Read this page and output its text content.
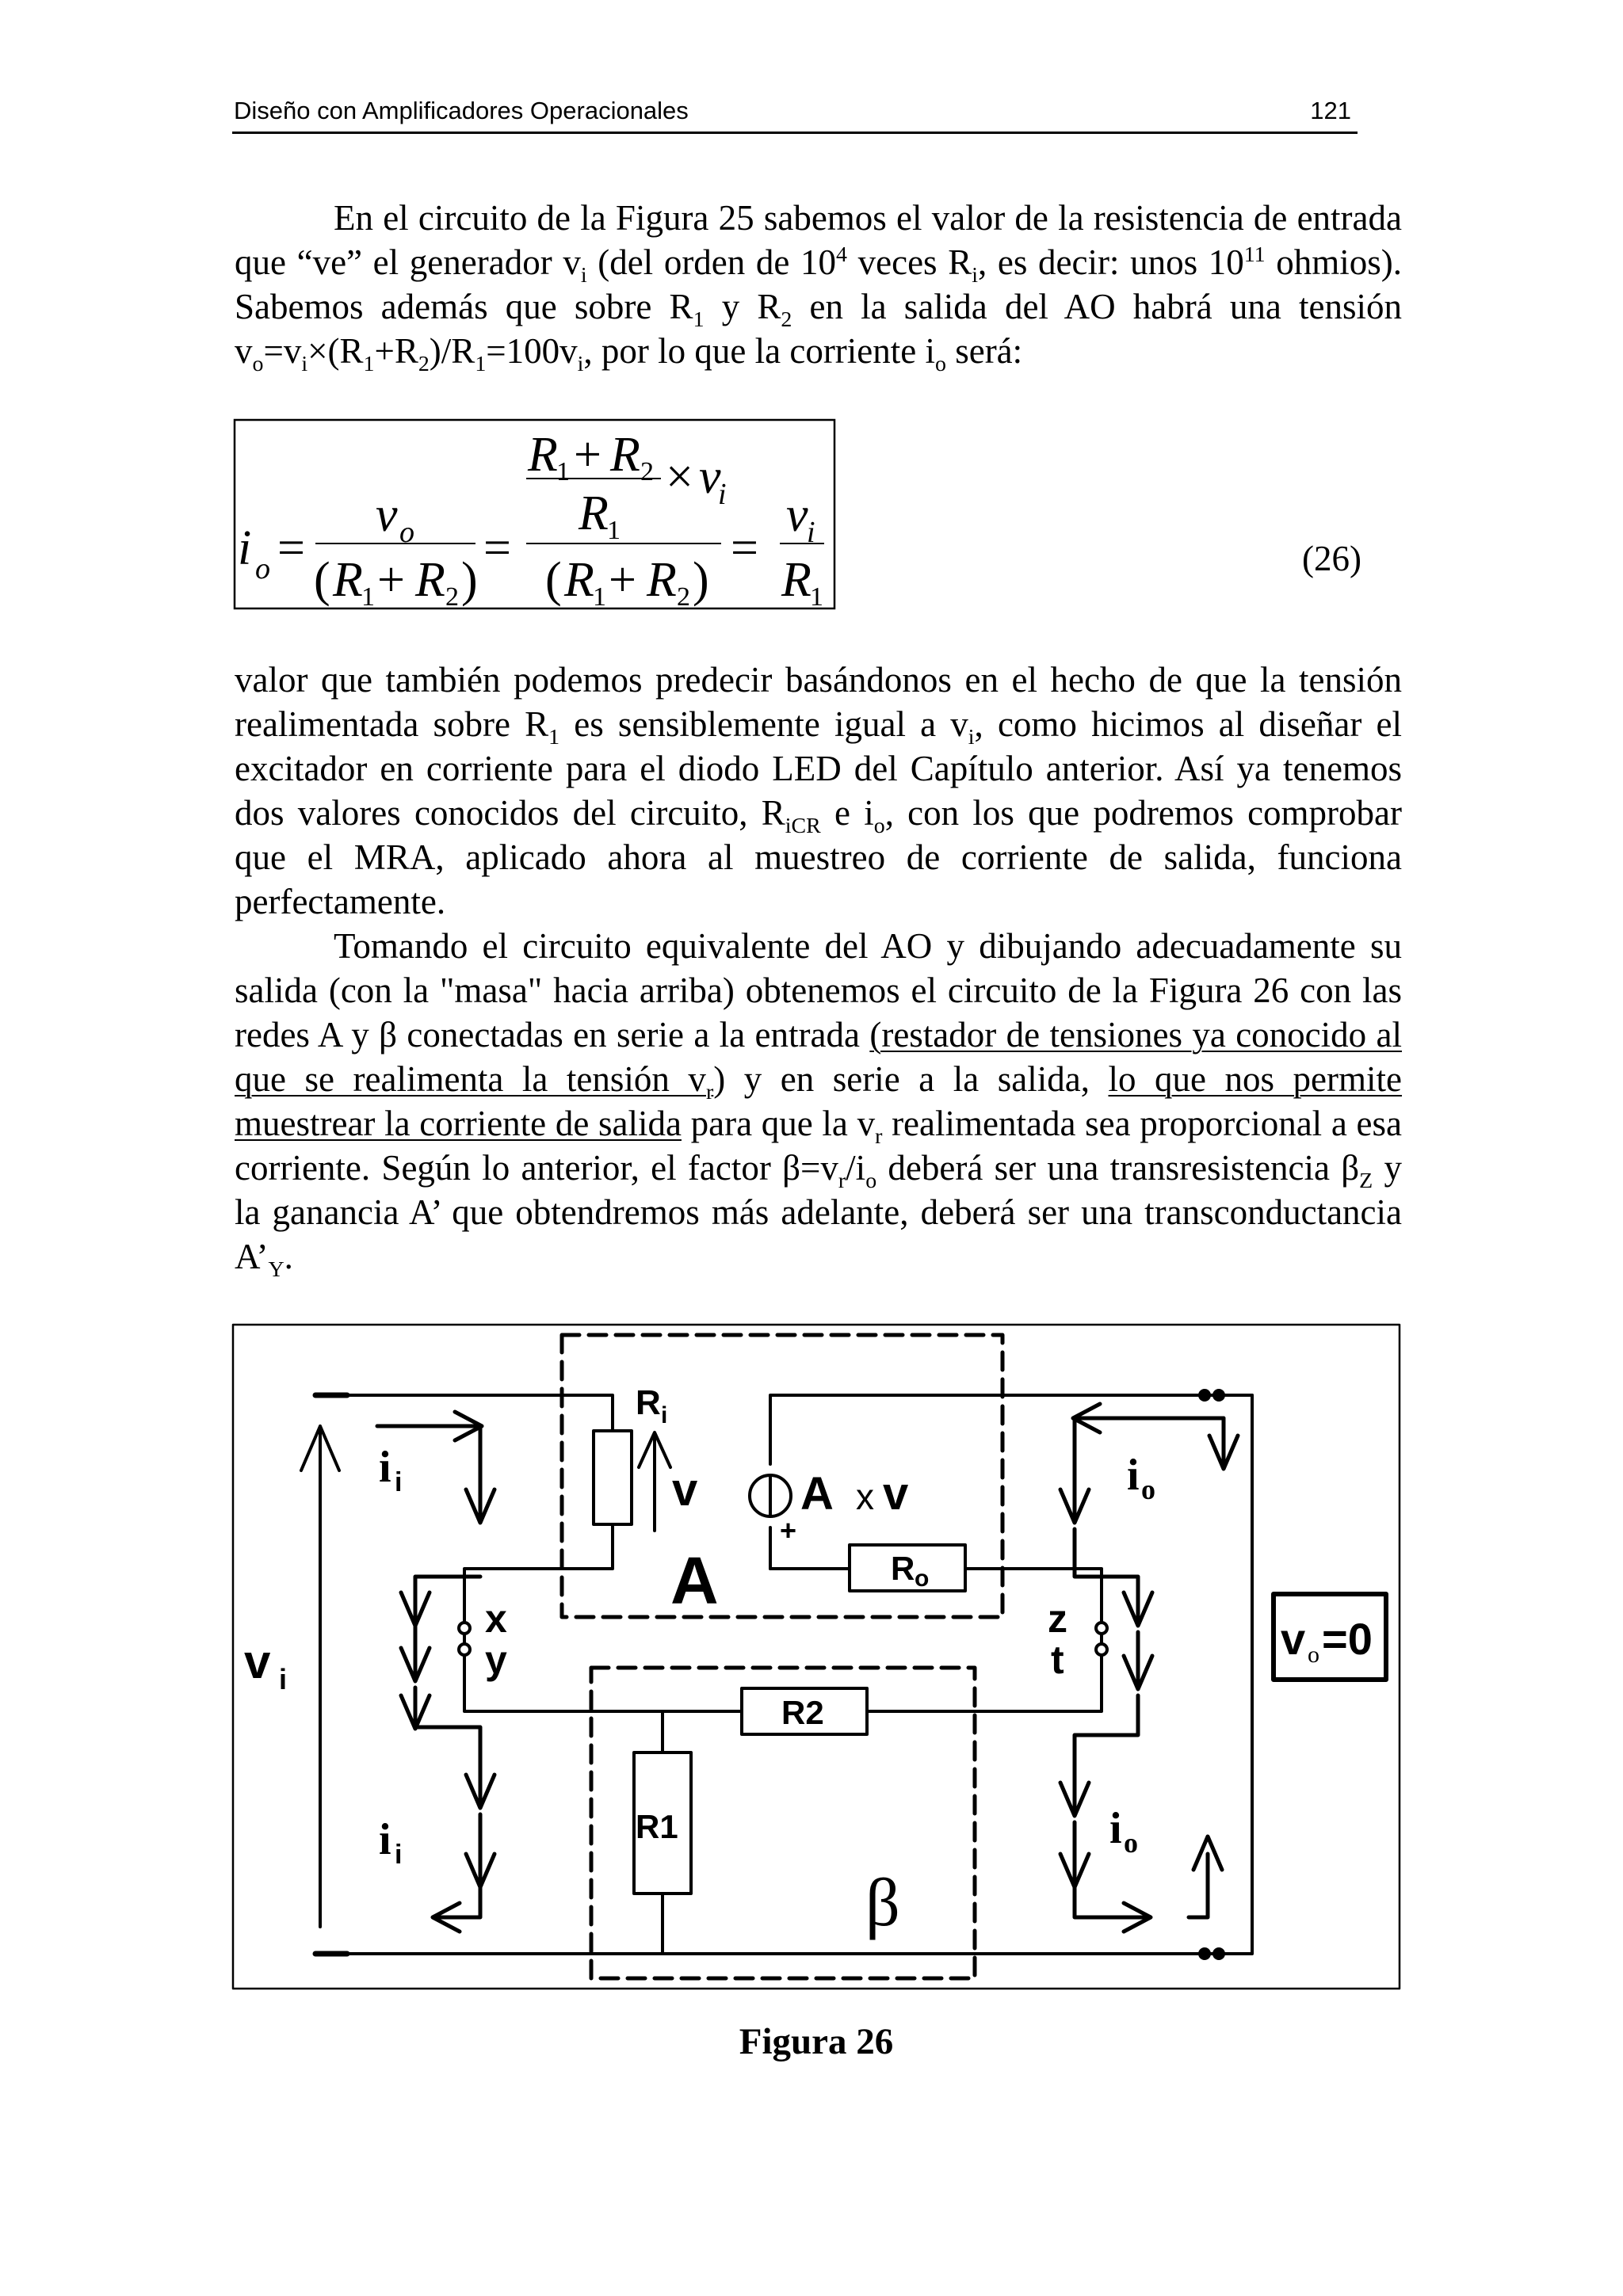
Diseño con Amplificadores Operacionales	121

En el circuito de la Figura 25 sabemos el valor de la resistencia de entrada que “ve” el generador $v_i$ (del orden de $10^4$ veces $R_i$, es decir: unos $10^{11}$ ohmios). Sabemos además que sobre $R_1$ y $R_2$ en la salida del AO habrá una tensión $v_o=v_i\times(R_1+R_2)/R_1=100v_i$, por lo que la corriente $i_o$ será:

i o =
v o
( R
1 + R 2 )
=
R
1 + R 2 × v
i
R
1
( R
1 + R 2 )
=
v
i
R
1
(26)

valor que también podemos predecir basándonos en el hecho de que la tensión realimentada sobre $R_1$ es sensiblemente igual a $v_i$, como hicimos al diseñar el excitador en corriente para el diodo LED del Capítulo anterior. Así ya tenemos dos valores conocidos del circuito, $R_{iCR}$ e $i_o$, con los que podremos comprobar que el MRA, aplicado ahora al muestreo de corriente de salida, funciona perfectamente.

Tomando el circuito equivalente del AO y dibujando adecuadamente su salida (con la "masa" hacia arriba) obtenemos el circuito de la Figura 26 con las redes A y β conectadas en serie a la entrada (restador de tensiones ya conocido al que se realimenta la tensión $v_r$) y en serie a la salida, lo que nos permite muestrear la corriente de salida para que la $v_r$ realimentada sea proporcional a esa corriente. Según lo anterior, el factor $\beta=v_r/i_o$ deberá ser una transresistencia $\beta_Z$ y la ganancia A’ que obtendremos más adelante, deberá ser una transconductancia $A’_Y$.

R i
v A x v
+
A	R o
x
y
z
t
R2
R1
β
v i
i i
i i
i o
i o
v o =0
Figura 26
